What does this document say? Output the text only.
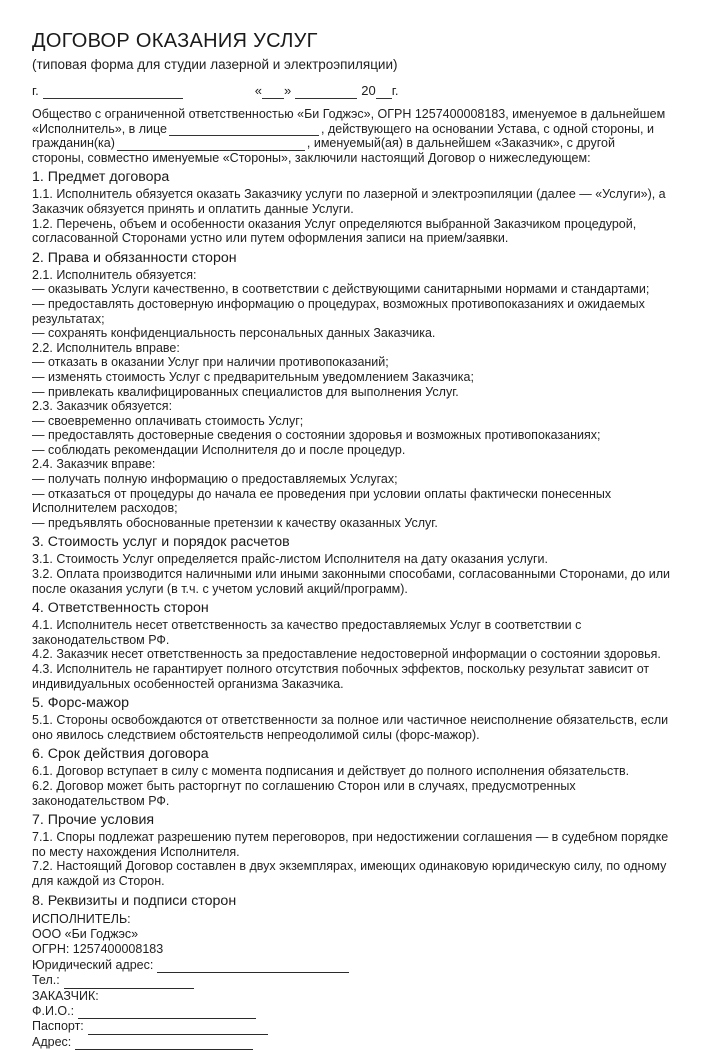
ДОГОВОР ОКАЗАНИЯ УСЛУГ
(типовая форма для студии лазерной и электроэпиляции)
г.	« »	20 г.

Общество с ограниченной ответственностью «Би Годжэс», ОГРН 1257400008183, именуемое в дальнейшем

«Исполнитель», в лице	, действующего на основании Устава, с одной стороны, и

гражданин(ка)	, именуемый(ая) в дальнейшем «Заказчик», с другой

стороны, совместно именуемые «Стороны», заключили настоящий Договор о нижеследующем:

1. Предмет договора

1.1. Исполнитель обязуется оказать Заказчику услуги по лазерной и электроэпиляции (далее — «Услуги»), а

Заказчик обязуется принять и оплатить данные Услуги.

1.2. Перечень, объем и особенности оказания Услуг определяются выбранной Заказчиком процедурой,

согласованной Сторонами устно или путем оформления записи на прием/заявки.

2. Права и обязанности сторон

2.1. Исполнитель обязуется:

— оказывать Услуги качественно, в соответствии с действующими санитарными нормами и стандартами;

— предоставлять достоверную информацию о процедурах, возможных противопоказаниях и ожидаемых

результатах;

— сохранять конфиденциальность персональных данных Заказчика.

2.2. Исполнитель вправе:

— отказать в оказании Услуг при наличии противопоказаний;

— изменять стоимость Услуг с предварительным уведомлением Заказчика;

— привлекать квалифицированных специалистов для выполнения Услуг.

2.3. Заказчик обязуется:

— своевременно оплачивать стоимость Услуг;

— предоставлять достоверные сведения о состоянии здоровья и возможных противопоказаниях;

— соблюдать рекомендации Исполнителя до и после процедур.

2.4. Заказчик вправе:

— получать полную информацию о предоставляемых Услугах;

— отказаться от процедуры до начала ее проведения при условии оплаты фактически понесенных

Исполнителем расходов;

— предъявлять обоснованные претензии к качеству оказанных Услуг.

3. Стоимость услуг и порядок расчетов

3.1. Стоимость Услуг определяется прайс-листом Исполнителя на дату оказания услуги.

3.2. Оплата производится наличными или иными законными способами, согласованными Сторонами, до или

после оказания услуги (в т.ч. с учетом условий акций/программ).

4. Ответственность сторон

4.1. Исполнитель несет ответственность за качество предоставляемых Услуг в соответствии с

законодательством РФ.

4.2. Заказчик несет ответственность за предоставление недостоверной информации о состоянии здоровья.

4.3. Исполнитель не гарантирует полного отсутствия побочных эффектов, поскольку результат зависит от

индивидуальных особенностей организма Заказчика.

5. Форс-мажор

5.1. Стороны освобождаются от ответственности за полное или частичное неисполнение обязательств, если

оно явилось следствием обстоятельств непреодолимой силы (форс-мажор).

6. Срок действия договора

6.1. Договор вступает в силу с момента подписания и действует до полного исполнения обязательств.

6.2. Договор может быть расторгнут по соглашению Сторон или в случаях, предусмотренных

законодательством РФ.

7. Прочие условия

7.1. Споры подлежат разрешению путем переговоров, при недостижении соглашения — в судебном порядке

по месту нахождения Исполнителя.

7.2. Настоящий Договор составлен в двух экземплярах, имеющих одинаковую юридическую силу, по одному

для каждой из Сторон.

8. Реквизиты и подписи сторон
ИСПОЛНИТЕЛЬ:
ООО «Би Годжэс»
ОГРН: 1257400008183
Юридический адрес:
Тел.:
ЗАКАЗЧИК:
Ф.И.О.:
Паспорт:
Адрес:
